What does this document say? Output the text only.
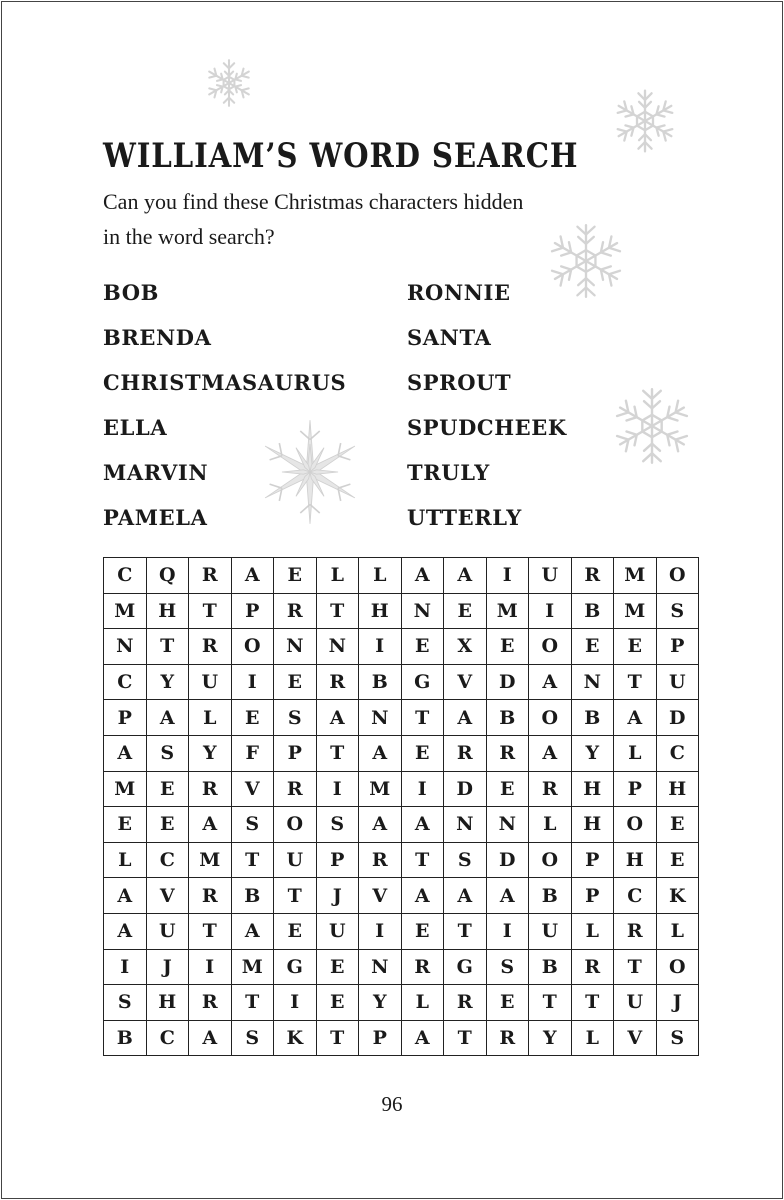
WILLIAM’S WORD SEARCH

Can you find these Christmas characters hidden in the word search?

BOB
BRENDA
CHRISTMASAURUS
ELLA
MARVIN
PAMELA
RONNIE
SANTA
SPROUT
SPUDCHEEK
TRULY
UTTERLY
C	Q	R	A	E	L	L	A	A	I	U	R	M	O
M	H	T	P	R	T	H	N	E	M	I	B	M	S
N	T	R	O	N	N	I	E	X	E	O	E	E	P
C	Y	U	I	E	R	B	G	V	D	A	N	T	U
P	A	L	E	S	A	N	T	A	B	O	B	A	D
A	S	Y	F	P	T	A	E	R	R	A	Y	L	C
M	E	R	V	R	I	M	I	D	E	R	H	P	H
E	E	A	S	O	S	A	A	N	N	L	H	O	E
L	C	M	T	U	P	R	T	S	D	O	P	H	E
A	V	R	B	T	J	V	A	A	A	B	P	C	K
A	U	T	A	E	U	I	E	T	I	U	L	R	L
I	J	I	M	G	E	N	R	G	S	B	R	T	O
S	H	R	T	I	E	Y	L	R	E	T	T	U	J
B	C	A	S	K	T	P	A	T	R	Y	L	V	S
96
